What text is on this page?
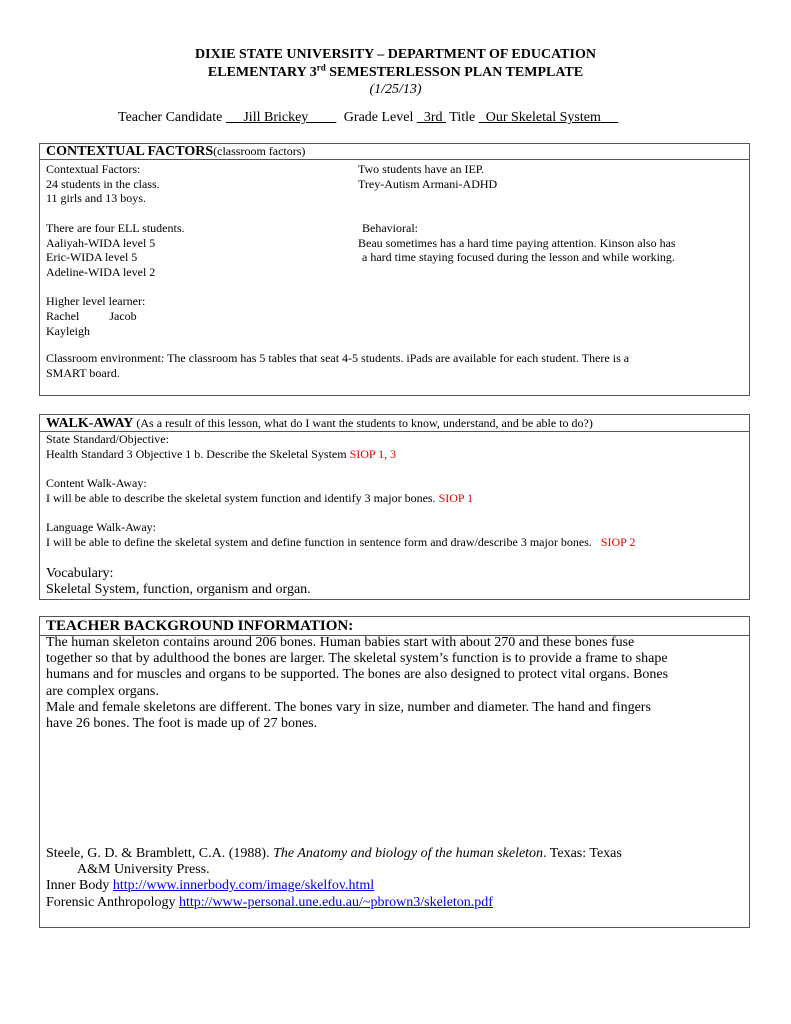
DIXIE STATE UNIVERSITY – DEPARTMENT OF EDUCATION
ELEMENTARY 3rd SEMESTERLESSON PLAN TEMPLATE
(1/25/13)
Teacher Candidate Jill Brickey	Grade Level 3rd Title Our Skeletal System
CONTEXTUAL FACTORS(classroom factors)
Contextual Factors:
24 students in the class.
11 girls and 13 boys.
There are four ELL students.
Aaliyah-WIDA level 5
Eric-WIDA level 5
Adeline-WIDA level 2
Higher level learner:
Rachel          Jacob
Kayleigh
Two students have an IEP.
Trey-Autism Armani-ADHD
Behavioral:
Beau sometimes has a hard time paying attention. Kinson also has
a hard time staying focused during the lesson and while working.
Classroom environment: The classroom has 5 tables that seat 4-5 students. iPads are available for each student. There is a
SMART board.
WALK-AWAY (As a result of this lesson, what do I want the students to know, understand, and be able to do?)
State Standard/Objective:
Health Standard 3 Objective 1 b. Describe the Skeletal System SIOP 1, 3
Content Walk-Away:
I will be able to describe the skeletal system function and identify 3 major bones. SIOP 1
Language Walk-Away:
I will be able to define the skeletal system and define function in sentence form and draw/describe 3 major bones. SIOP 2
Vocabulary:
Skeletal System, function, organism and organ.
TEACHER BACKGROUND INFORMATION:
The human skeleton contains around 206 bones. Human babies start with about 270 and these bones fuse
together so that by adulthood the bones are larger. The skeletal system’s function is to provide a frame to shape
humans and for muscles and organs to be supported. The bones are also designed to protect vital organs. Bones
are complex organs.
Male and female skeletons are different. The bones vary in size, number and diameter. The hand and fingers
have 26 bones. The foot is made up of 27 bones.
Steele, G. D. & Bramblett, C.A. (1988). The Anatomy and biology of the human skeleton. Texas: Texas
A&M University Press.
Inner Body http://www.innerbody.com/image/skelfov.html
Forensic Anthropology http://www-personal.une.edu.au/~pbrown3/skeleton.pdf
